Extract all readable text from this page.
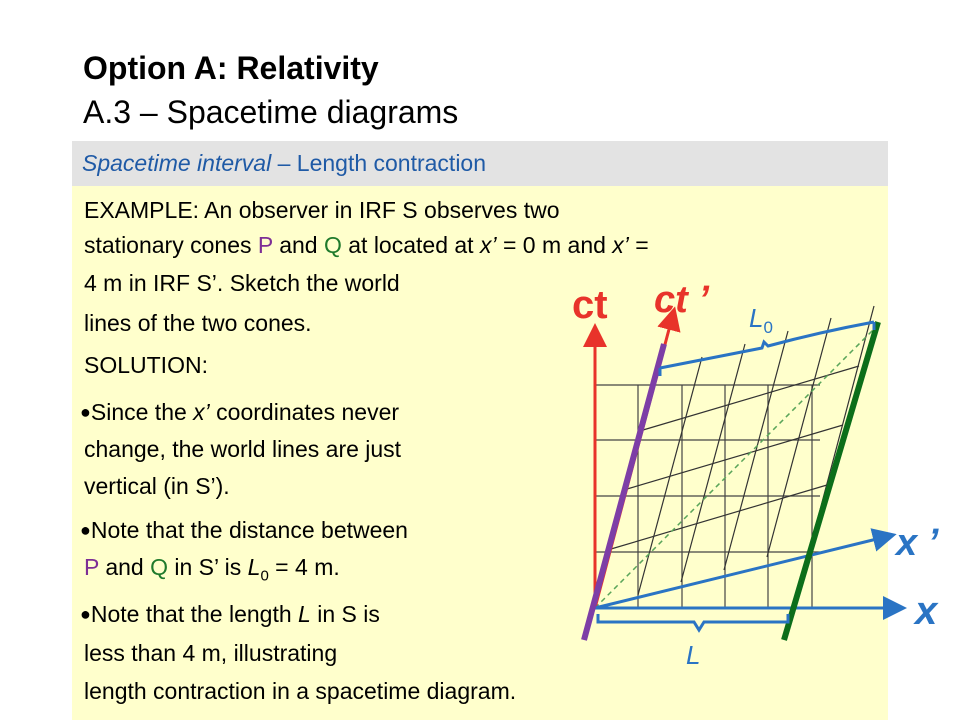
Option A: Relativity
A.3 – Spacetime diagrams
Spacetime interval – Length contraction
EXAMPLE: An observer in IRF S observes two
stationary cones P and Q at located at x’ = 0 m and x’ =
4 m in IRF S’. Sketch the world
lines of the two cones.
SOLUTION:
●Since the x’ coordinates never
change, the world lines are just
vertical (in S’).
●Note that the distance between
P and Q in S’ is $L_0 = 4$ m.
●Note that the length L in S is
less than 4 m, illustrating
length contraction in a spacetime diagram.
ct ct ’
x ’
x
$L_0$
L
